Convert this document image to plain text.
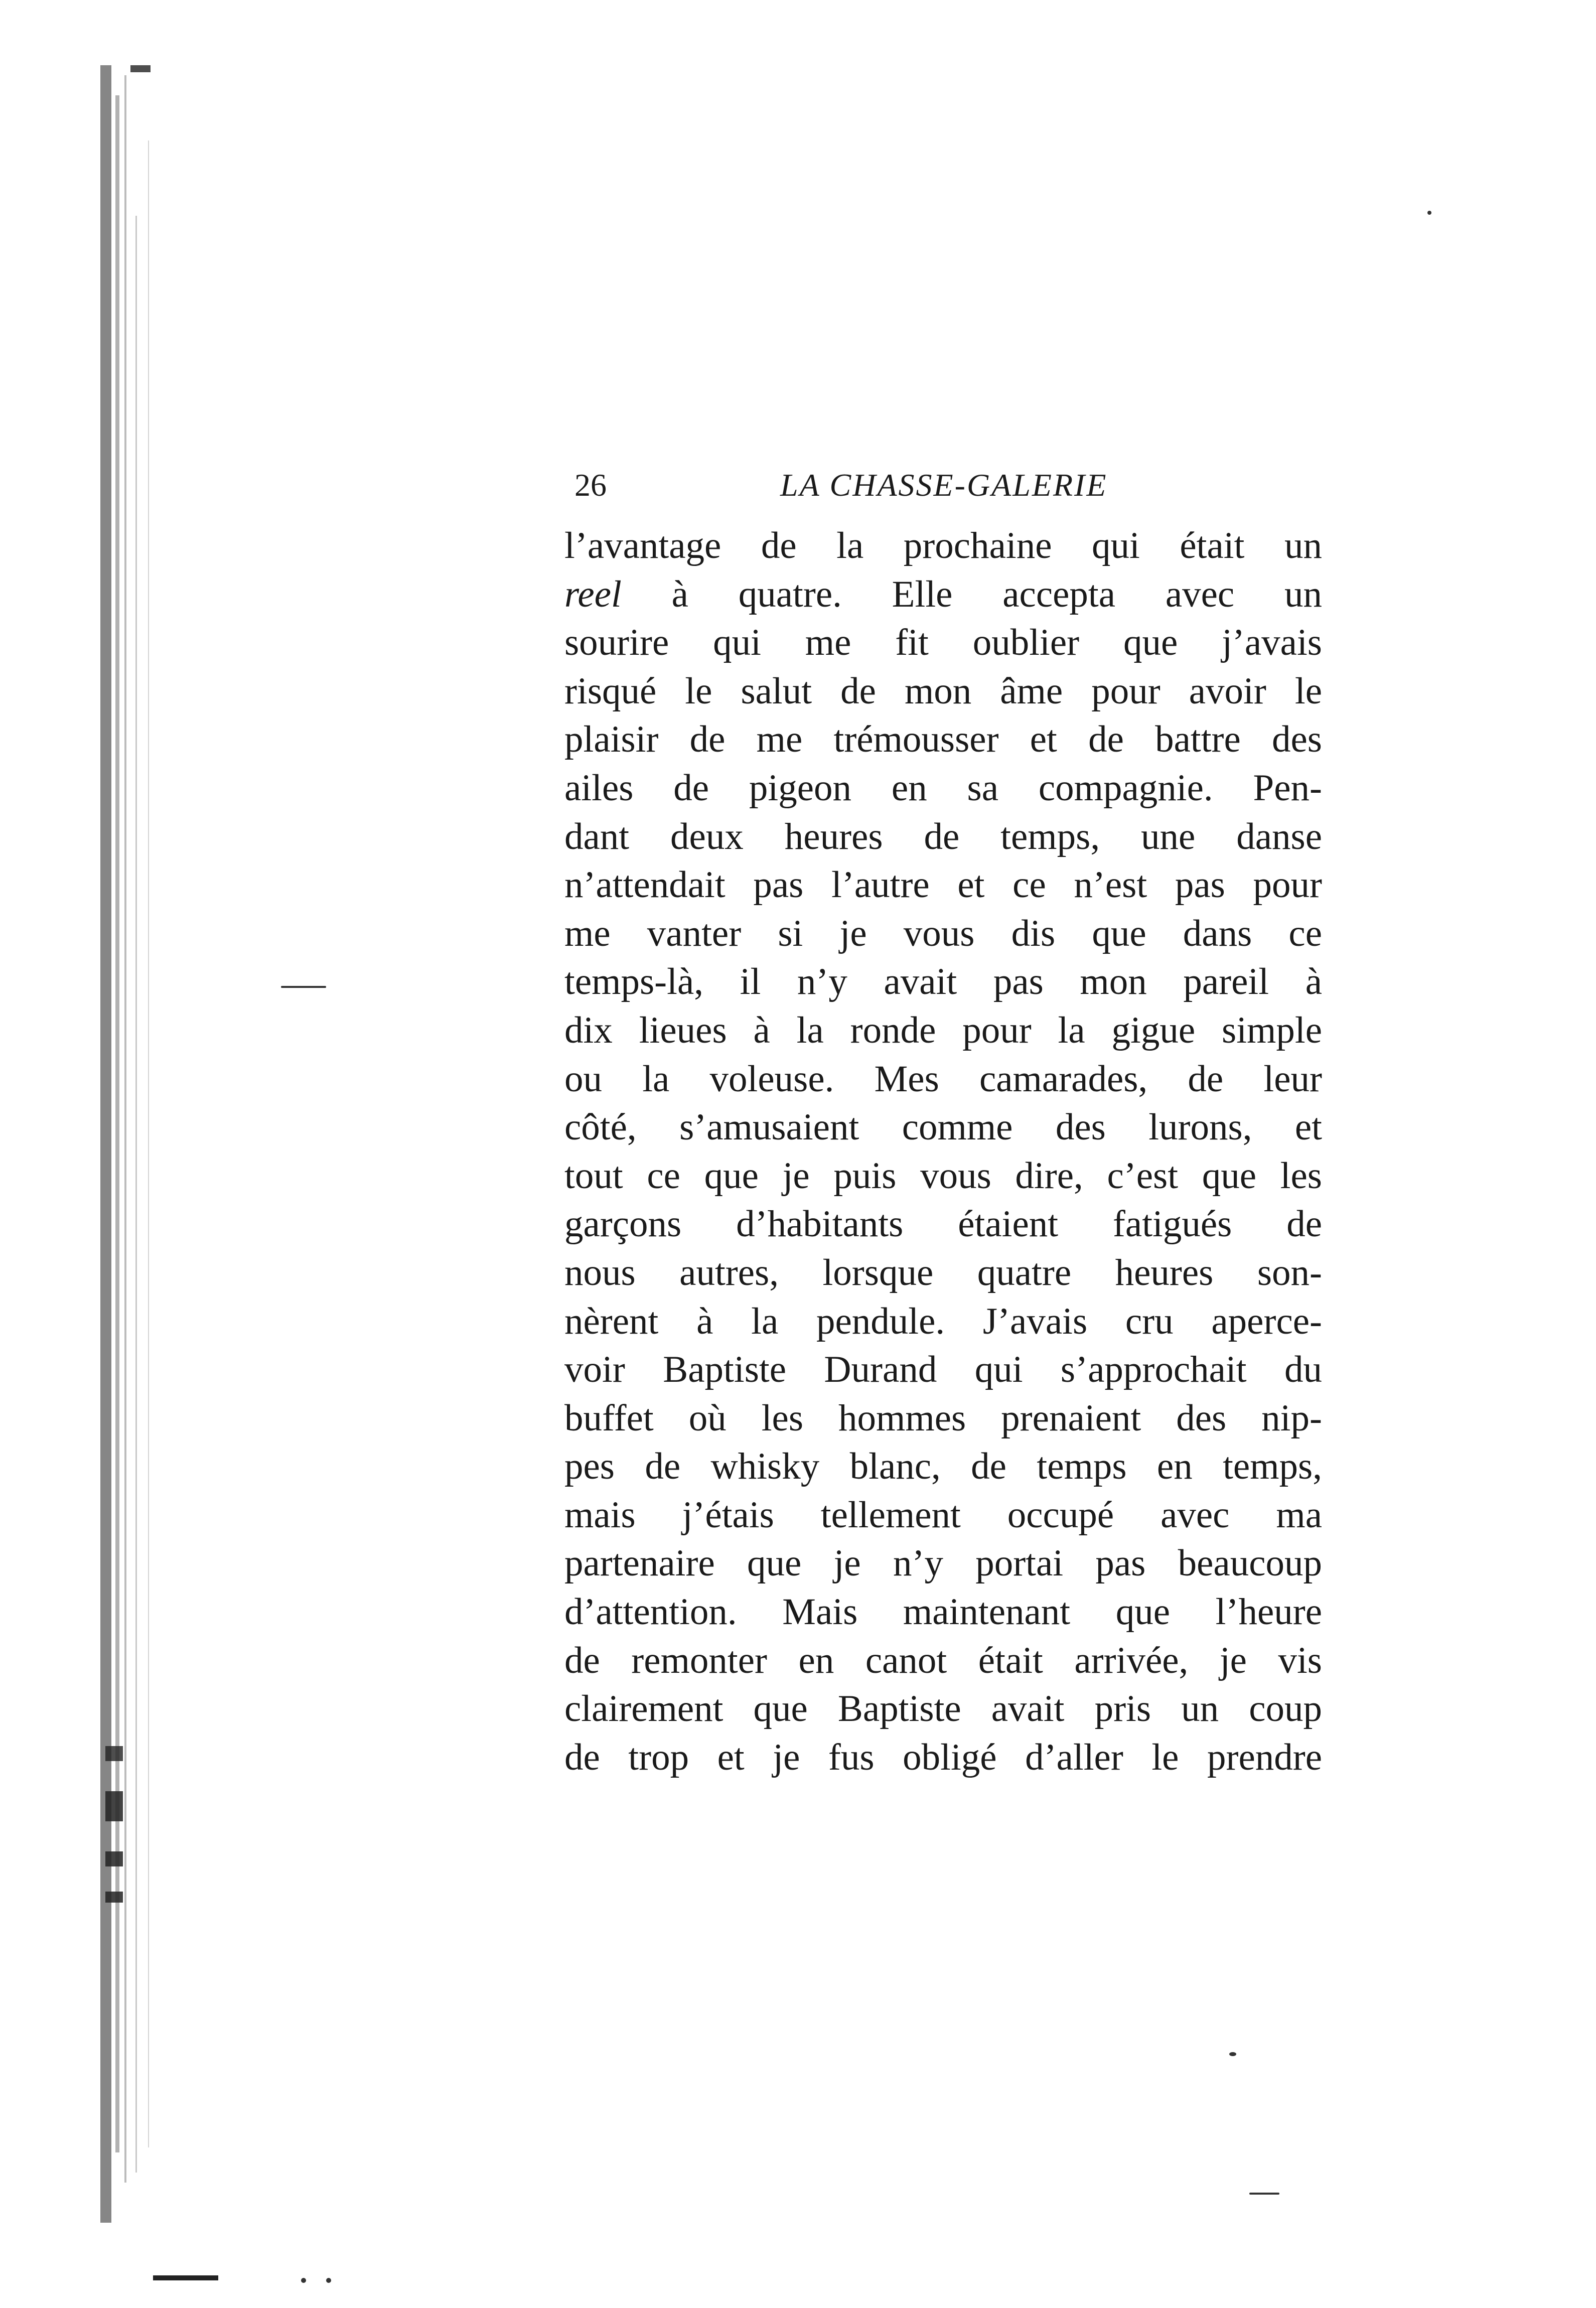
26	LA CHASSE-GALERIE
l’avantage de la prochaine qui était un
reel à quatre. Elle accepta avec un
sourire qui me fit oublier que j’avais
risqué le salut de mon âme pour avoir le
plaisir de me trémousser et de battre des
ailes de pigeon en sa compagnie. Pen-
dant deux heures de temps, une danse
n’attendait pas l’autre et ce n’est pas pour
me vanter si je vous dis que dans ce
temps-là, il n’y avait pas mon pareil à
dix lieues à la ronde pour la gigue simple
ou la voleuse. Mes camarades, de leur
côté, s’amusaient comme des lurons, et
tout ce que je puis vous dire, c’est que les
garçons d’habitants étaient fatigués de
nous autres, lorsque quatre heures son-
nèrent à la pendule. J’avais cru aperce-
voir Baptiste Durand qui s’approchait du
buffet où les hommes prenaient des nip-
pes de whisky blanc, de temps en temps,
mais j’étais tellement occupé avec ma
partenaire que je n’y portai pas beaucoup
d’attention. Mais maintenant que l’heure
de remonter en canot était arrivée, je vis
clairement que Baptiste avait pris un coup
de trop et je fus obligé d’aller le prendre
